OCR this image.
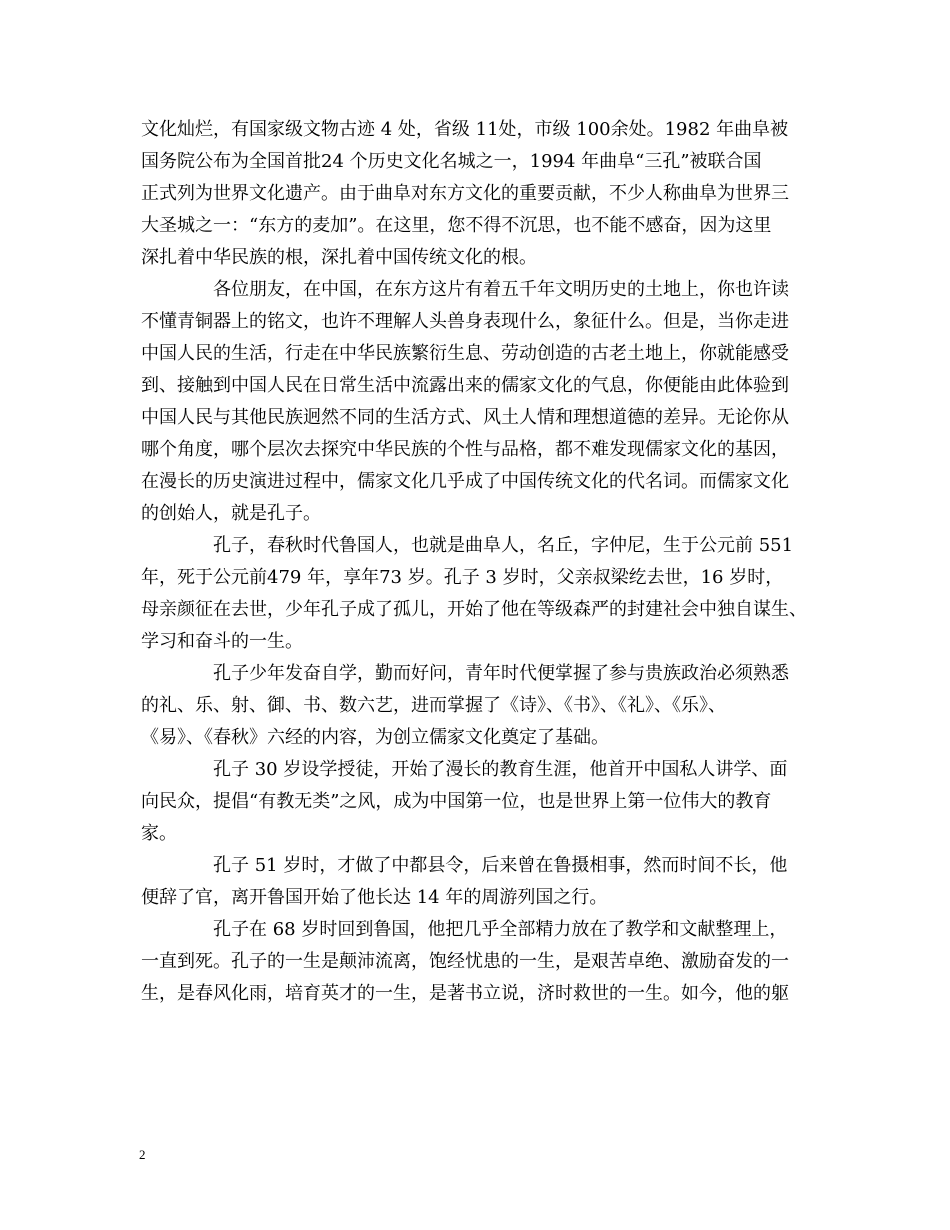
文化灿烂，有国家级文物古迹 4 处，省级 11处，市级 100余处。1982 年曲阜被
国务院公布为全国首批24 个历史文化名城之一，1994 年曲阜“三孔”被联合国
正式列为世界文化遗产。由于曲阜对东方文化的重要贡献，不少人称曲阜为世界三
大圣城之一：“东方的麦加”。在这里，您不得不沉思，也不能不感奋，因为这里
深扎着中华民族的根，深扎着中国传统文化的根。
各位朋友，在中国，在东方这片有着五千年文明历史的土地上，你也许读
不懂青铜器上的铭文，也许不理解人头兽身表现什么，象征什么。但是，当你走进
中国人民的生活，行走在中华民族繁衍生息、劳动创造的古老土地上，你就能感受
到、接触到中国人民在日常生活中流露出来的儒家文化的气息，你便能由此体验到
中国人民与其他民族迥然不同的生活方式、风土人情和理想道德的差异。无论你从
哪个角度，哪个层次去探究中华民族的个性与品格，都不难发现儒家文化的基因，
在漫长的历史演进过程中，儒家文化几乎成了中国传统文化的代名词。而儒家文化
的创始人，就是孔子。
孔子，春秋时代鲁国人，也就是曲阜人，名丘，字仲尼，生于公元前 551
年，死于公元前479 年，享年73 岁。孔子 3 岁时，父亲叔梁纥去世，16 岁时，
母亲颜征在去世，少年孔子成了孤儿，开始了他在等级森严的封建社会中独自谋生、
学习和奋斗的一生。
孔子少年发奋自学，勤而好问，青年时代便掌握了参与贵族政治必须熟悉
的礼、乐、射、御、书、数六艺，进而掌握了《诗》、《书》、《礼》、《乐》、
《易》、《春秋》六经的内容，为创立儒家文化奠定了基础。
孔子 30 岁设学授徒，开始了漫长的教育生涯，他首开中国私人讲学、面
向民众，提倡“有教无类”之风，成为中国第一位，也是世界上第一位伟大的教育
家。
孔子 51 岁时，才做了中都县令，后来曾在鲁摄相事，然而时间不长，他
便辞了官，离开鲁国开始了他长达 14 年的周游列国之行。
孔子在 68 岁时回到鲁国，他把几乎全部精力放在了教学和文献整理上，
一直到死。孔子的一生是颠沛流离，饱经忧患的一生，是艰苦卓绝、激励奋发的一
生，是春风化雨，培育英才的一生，是著书立说，济时救世的一生。如今，他的躯
2
